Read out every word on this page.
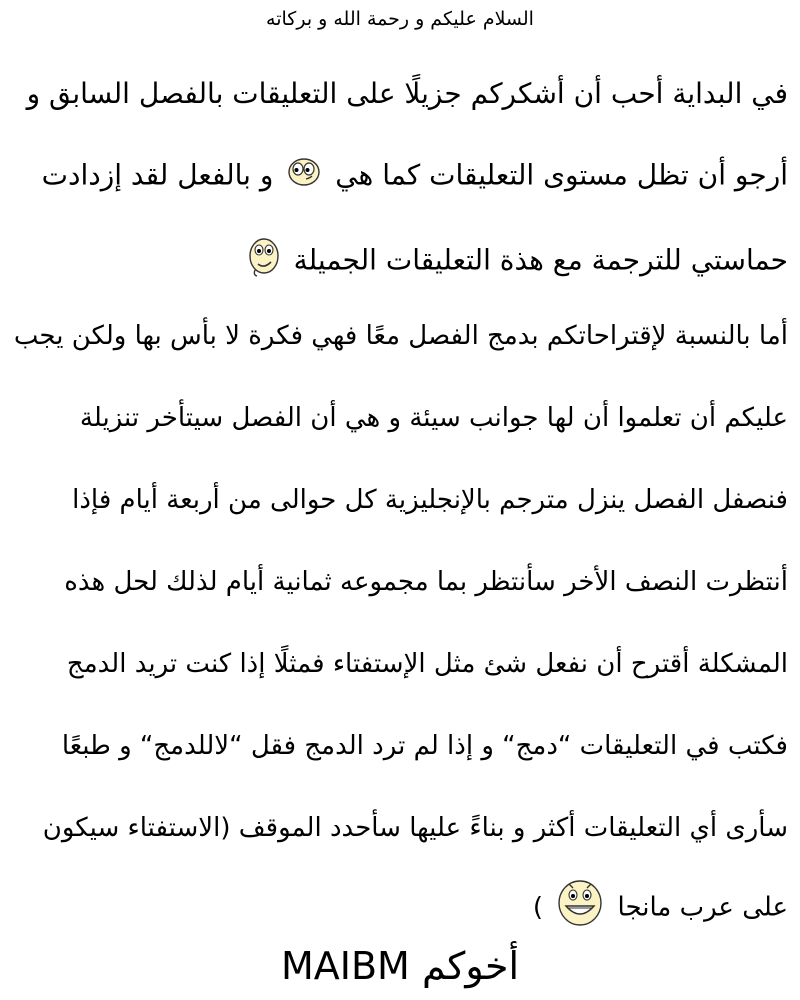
السلام عليكم و رحمة الله و بركاته

في البداية أحب أن أشكركم جزيلًا على التعليقات بالفصل السابق و

أرجو أن تظل مستوى التعليقات كما هي  و بالفعل لقد إزدادت

حماستي للترجمة مع هذة التعليقات الجميلة

أما بالنسبة لإقتراحاتكم بدمج الفصل معًا فهي فكرة لا بأس بها ولكن يجب

عليكم أن تعلموا أن لها جوانب سيئة و هي أن الفصل سيتأخر تنزيلة

فنصفل الفصل ينزل مترجم بالإنجليزية كل حوالى من أربعة أيام فإذا

أنتظرت النصف الأخر سأنتظر بما مجموعه ثمانية أيام لذلك لحل هذه

المشكلة أقترح أن نفعل شئ مثل الإستفتاء فمثلًا إذا كنت تريد الدمج

فكتب في التعليقات “دمج“ و إذا لم ترد الدمج فقل “لاللدمج“ و طبعًا

سأرى أي التعليقات أكثر و بناءً عليها سأحدد الموقف (الاستفتاء سيكون

على عرب مانجا  )

أخوكم MAIBM
